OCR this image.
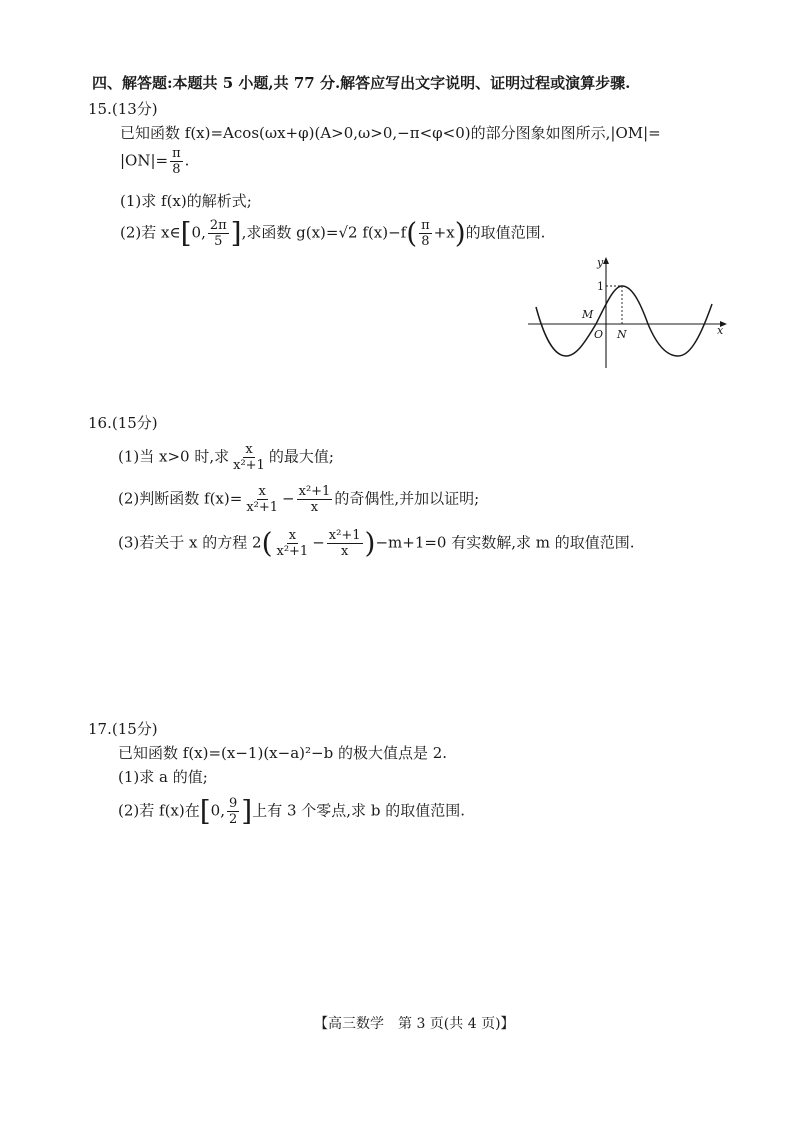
四、解答题:本题共 5 小题,共 77 分.解答应写出文字说明、证明过程或演算步骤.
15.(13分)
已知函数 f(x)=Acos(ωx+φ)(A>0,ω>0,−π<φ<0)的部分图象如图所示,|OM|=
$|ON|= \frac{\pi}{8}$ .
(1)求 f(x)的解析式;
(2)若 x∈[0, $\frac{2\pi}{5}$ ],求函数 g(x)=√2 $f(x)-f( \frac{\pi}{8} +x)$的取值范围.
y
x
1
M
O N
16.(15分)
(1)当 x>0 时,求 $\frac{x}{\text{x²+1}}$ 的最大值;
(2)判断函数 $f(x)= \frac{x}{\text{x²+1}} - \frac{\text{x²+1}}{x}$ 的奇偶性,并加以证明;
(3)若关于 x 的方程 $2( \frac{x}{\text{x²+1}} - \frac{\text{x²+1}}{x} )-m+1=0$ 有实数解,求 m 的取值范围.
17.(15分)
已知函数 f(x)=(x−1)(x−a)²−b 的极大值点是 2.
(1)求 a 的值;
(2)若 f(x)在[0, $\frac{9}{2}$ ]上有 3 个零点,求 b 的取值范围.
【高三数学　第 3 页(共 4 页)】
